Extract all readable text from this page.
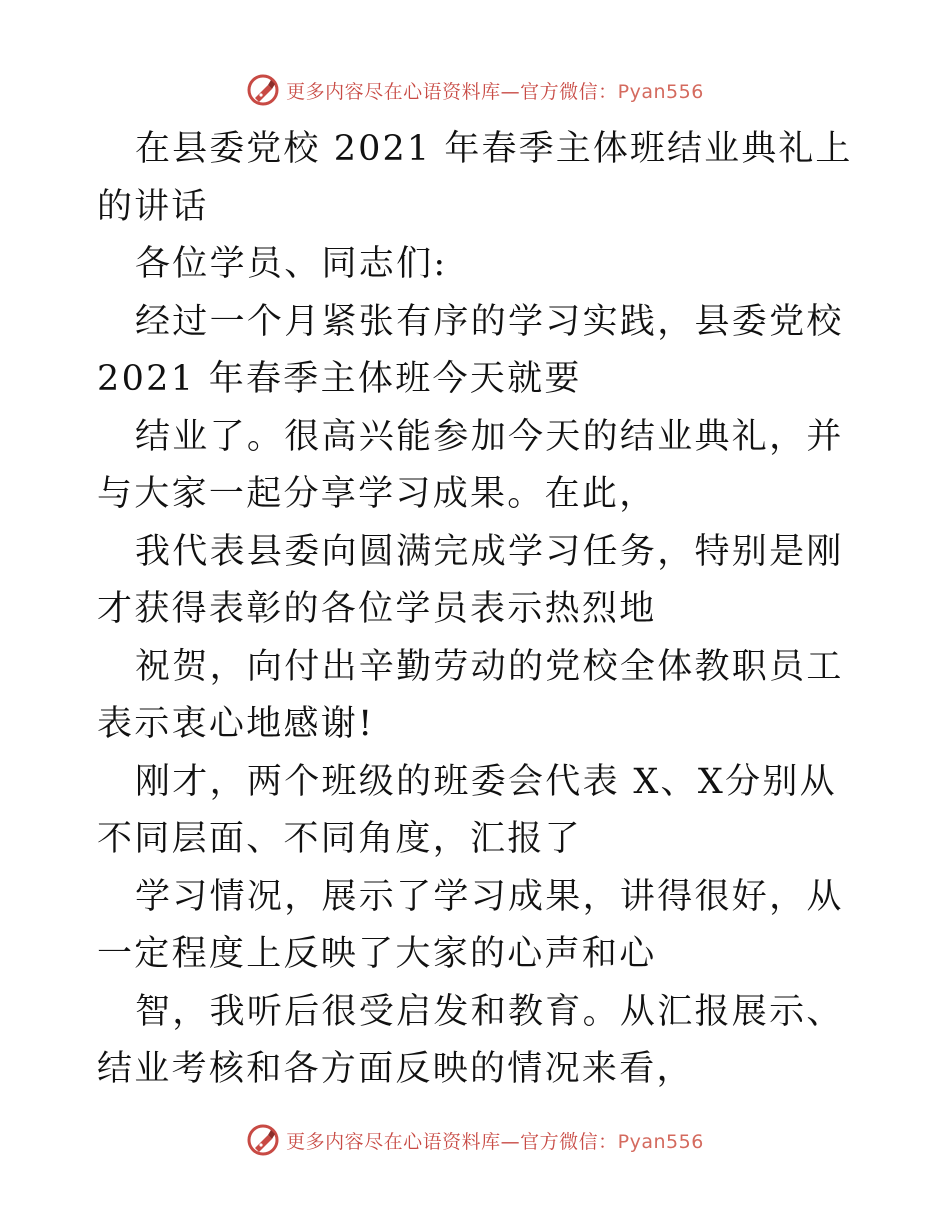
更多内容尽在心语资料库—官方微信：Pyan556

在县委党校 2021 年春季主体班结业典礼上的讲话

各位学员、同志们:

经过一个月紧张有序的学习实践，县委党校 2021 年春季主体班今天就要

结业了。很高兴能参加今天的结业典礼，并与大家一起分享学习成果。在此，

我代表县委向圆满完成学习任务，特别是刚才获得表彰的各位学员表示热烈地

祝贺，向付出辛勤劳动的党校全体教职员工表示衷心地感谢!

刚才，两个班级的班委会代表 X、X分别从不同层面、不同角度，汇报了

学习情况，展示了学习成果，讲得很好，从一定程度上反映了大家的心声和心

智，我听后很受启发和教育。从汇报展示、结业考核和各方面反映的情况来看，

更多内容尽在心语资料库—官方微信：Pyan556
